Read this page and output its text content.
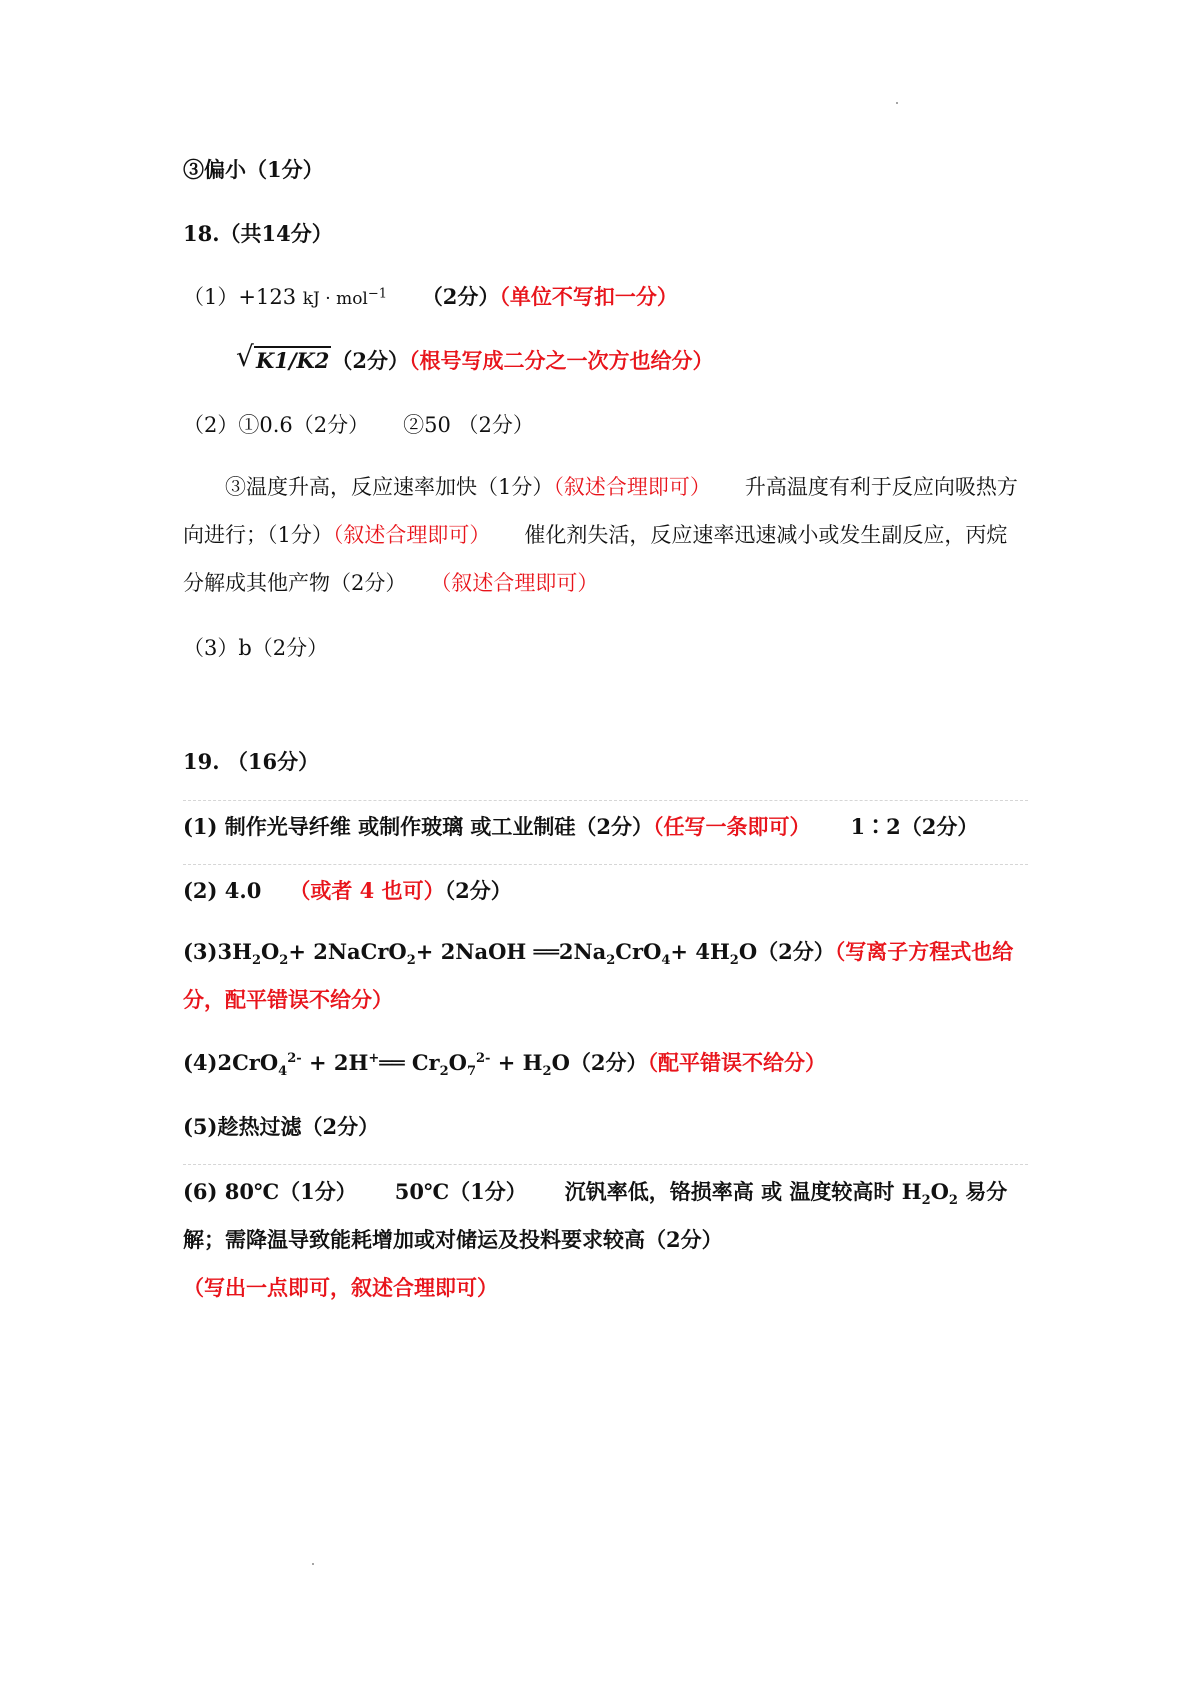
③偏小（1分）
18.（共14分）
（1）+123 kJ · mol$^{-1}$ （2分）（单位不写扣一分）
√ K1/K2（2分）（根号写成二分之一次方也给分）
（2）①0.6（2分） ②50 （2分）
③温度升高，反应速率加快（1分）（叙述合理即可） 升高温度有利于反应向吸热方向进行；（1分）（叙述合理即可） 催化剂失活，反应速率迅速减小或发生副反应，丙烷分解成其他产物（2分） （叙述合理即可）
（3）b（2分）
19. （16分）
(1) 制作光导纤维 或制作玻璃 或工业制硅（2分）（任写一条即可） 1∶2（2分）
(2) 4.0 （或者 4 也可）（2分）
$(3)3H_2O_2+$ 2NaCrO$_2$+ 2NaOH $══2Na_2CrO_4+ 4H_2O(2$分）（写离子方程式也给分，配平错误不给分）
(4)2CrO$_4^{2-}$ + 2H+══ $Cr_2O_7^{2-} + H_2O(2$分）（配平错误不给分）
(5)趁热过滤（2分）
(6) 80℃（1分） 50℃（1分） 沉钒率低，铬损率高 或 温度较高时 $H_2O_2$ 易分解；需降温导致能耗增加或对储运及投料要求较高（2分）（写出一点即可，叙述合理即可）
